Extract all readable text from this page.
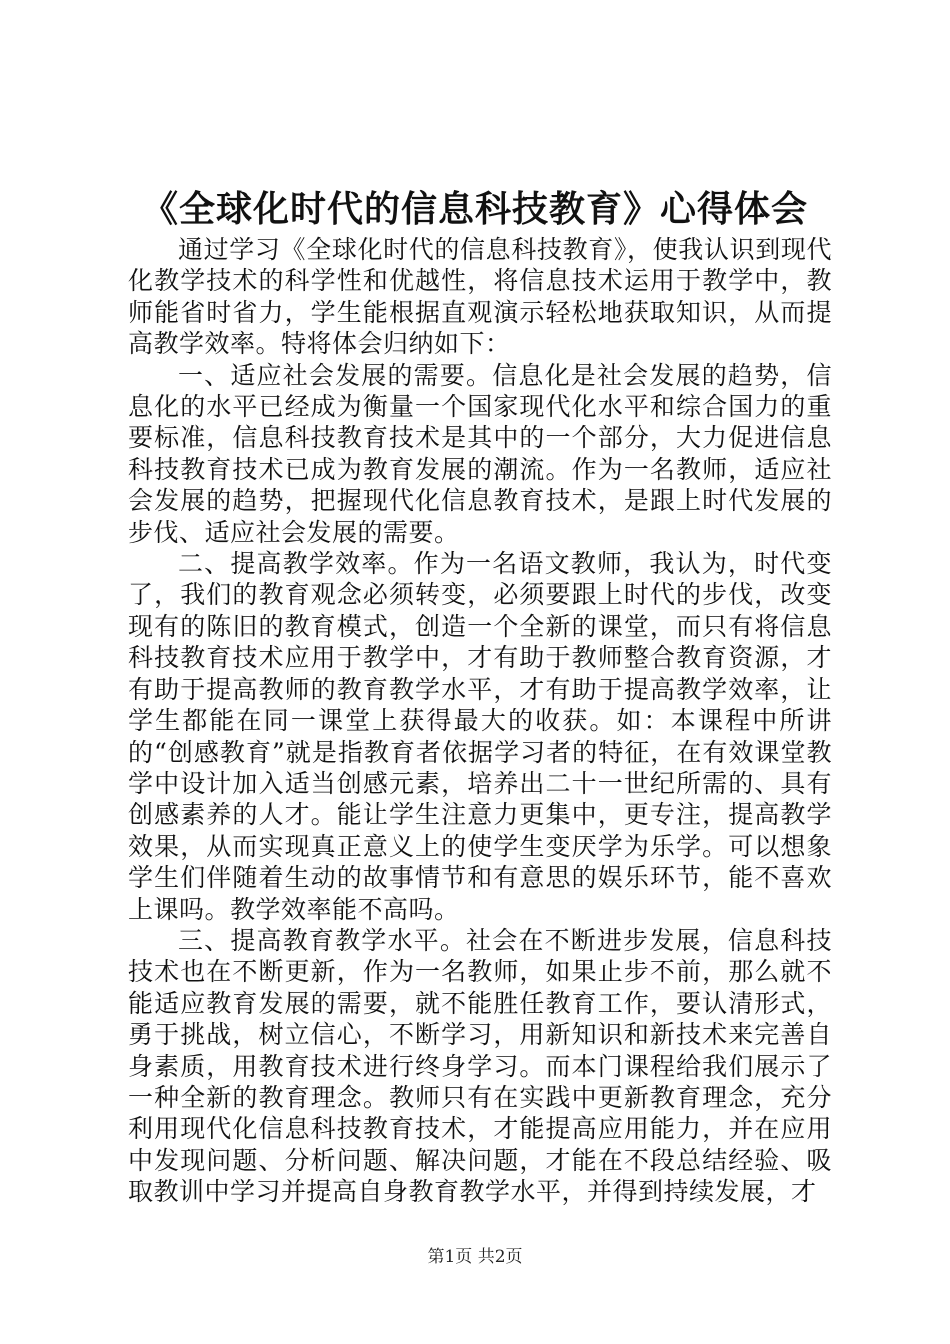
《全球化时代的信息科技教育》心得体会

通过学习《全球化时代的信息科技教育》，使我认识到现代化教学技术的科学性和优越性，将信息技术运用于教学中，教师能省时省力，学生能根据直观演示轻松地获取知识，从而提高教学效率。特将体会归纳如下：

一、适应社会发展的需要。信息化是社会发展的趋势，信息化的水平已经成为衡量一个国家现代化水平和综合国力的重要标准，信息科技教育技术是其中的一个部分，大力促进信息科技教育技术已成为教育发展的潮流。作为一名教师，适应社会发展的趋势，把握现代化信息教育技术，是跟上时代发展的步伐、适应社会发展的需要。

二、提高教学效率。作为一名语文教师，我认为，时代变了，我们的教育观念必须转变，必须要跟上时代的步伐，改变现有的陈旧的教育模式，创造一个全新的课堂，而只有将信息科技教育技术应用于教学中，才有助于教师整合教育资源，才有助于提高教师的教育教学水平，才有助于提高教学效率，让学生都能在同一课堂上获得最大的收获。如：本课程中所讲的“创感教育”就是指教育者依据学习者的特征，在有效课堂教学中设计加入适当创感元素，培养出二十一世纪所需的、具有创感素养的人才。能让学生注意力更集中，更专注，提高教学效果，从而实现真正意义上的使学生变厌学为乐学。可以想象学生们伴随着生动的故事情节和有意思的娱乐环节，能不喜欢上课吗。教学效率能不高吗。

三、提高教育教学水平。社会在不断进步发展，信息科技技术也在不断更新，作为一名教师，如果止步不前，那么就不能适应教育发展的需要，就不能胜任教育工作，要认清形式，勇于挑战，树立信心，不断学习，用新知识和新技术来完善自身素质，用教育技术进行终身学习。而本门课程给我们展示了一种全新的教育理念。教师只有在实践中更新教育理念，充分利用现代化信息科技教育技术，才能提高应用能力，并在应用中发现问题、分析问题、解决问题，才能在不段总结经验、吸取教训中学习并提高自身教育教学水平，并得到持续发展，才

第1页 共2页
